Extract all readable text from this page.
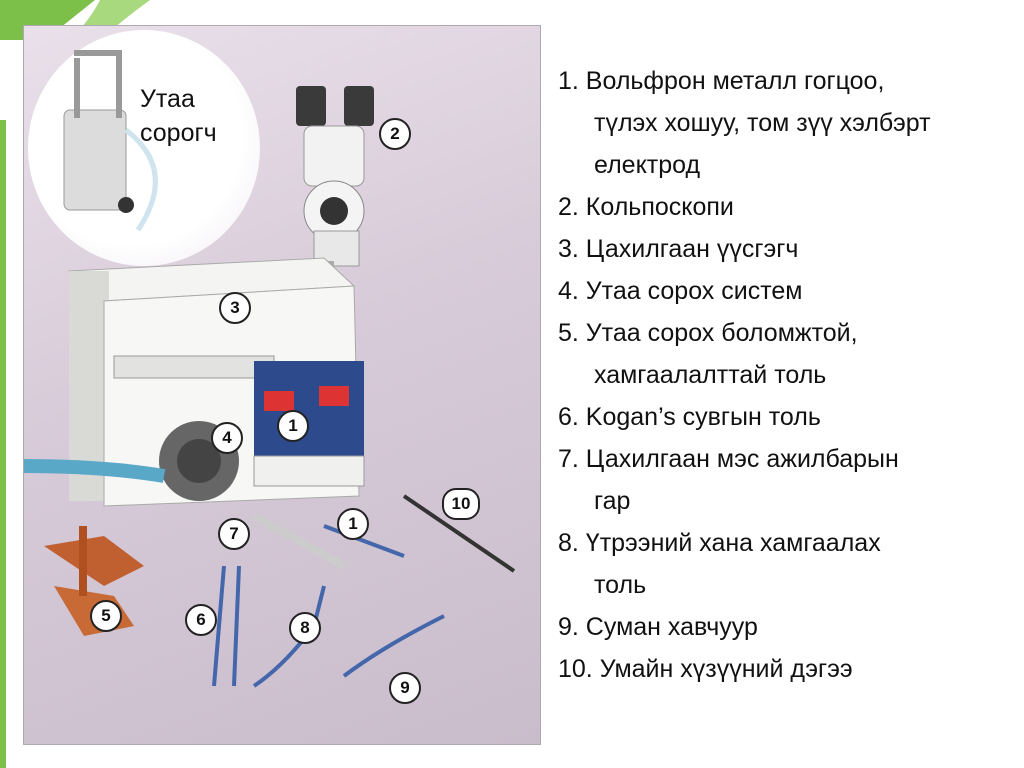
Утаа
сорогч	2
3
4
1
1
10
7
5	6	8
9
1. Вольфрон металл гогцоо,
түлэх хошуу, том зүү хэлбэрт
електрод
2. Кольпоскопи
3. Цахилгаан үүсгэгч
4. Утаа сорох систем
5. Утаа сорох боломжтой,
хамгаалалттай толь
6. Kogan’s сувгын толь
7. Цахилгаан мэс ажилбарын
гар
8. Үтрээний хана хамгаалах
толь
9. Суман хавчуур
10. Умайн хүзүүний дэгээ
